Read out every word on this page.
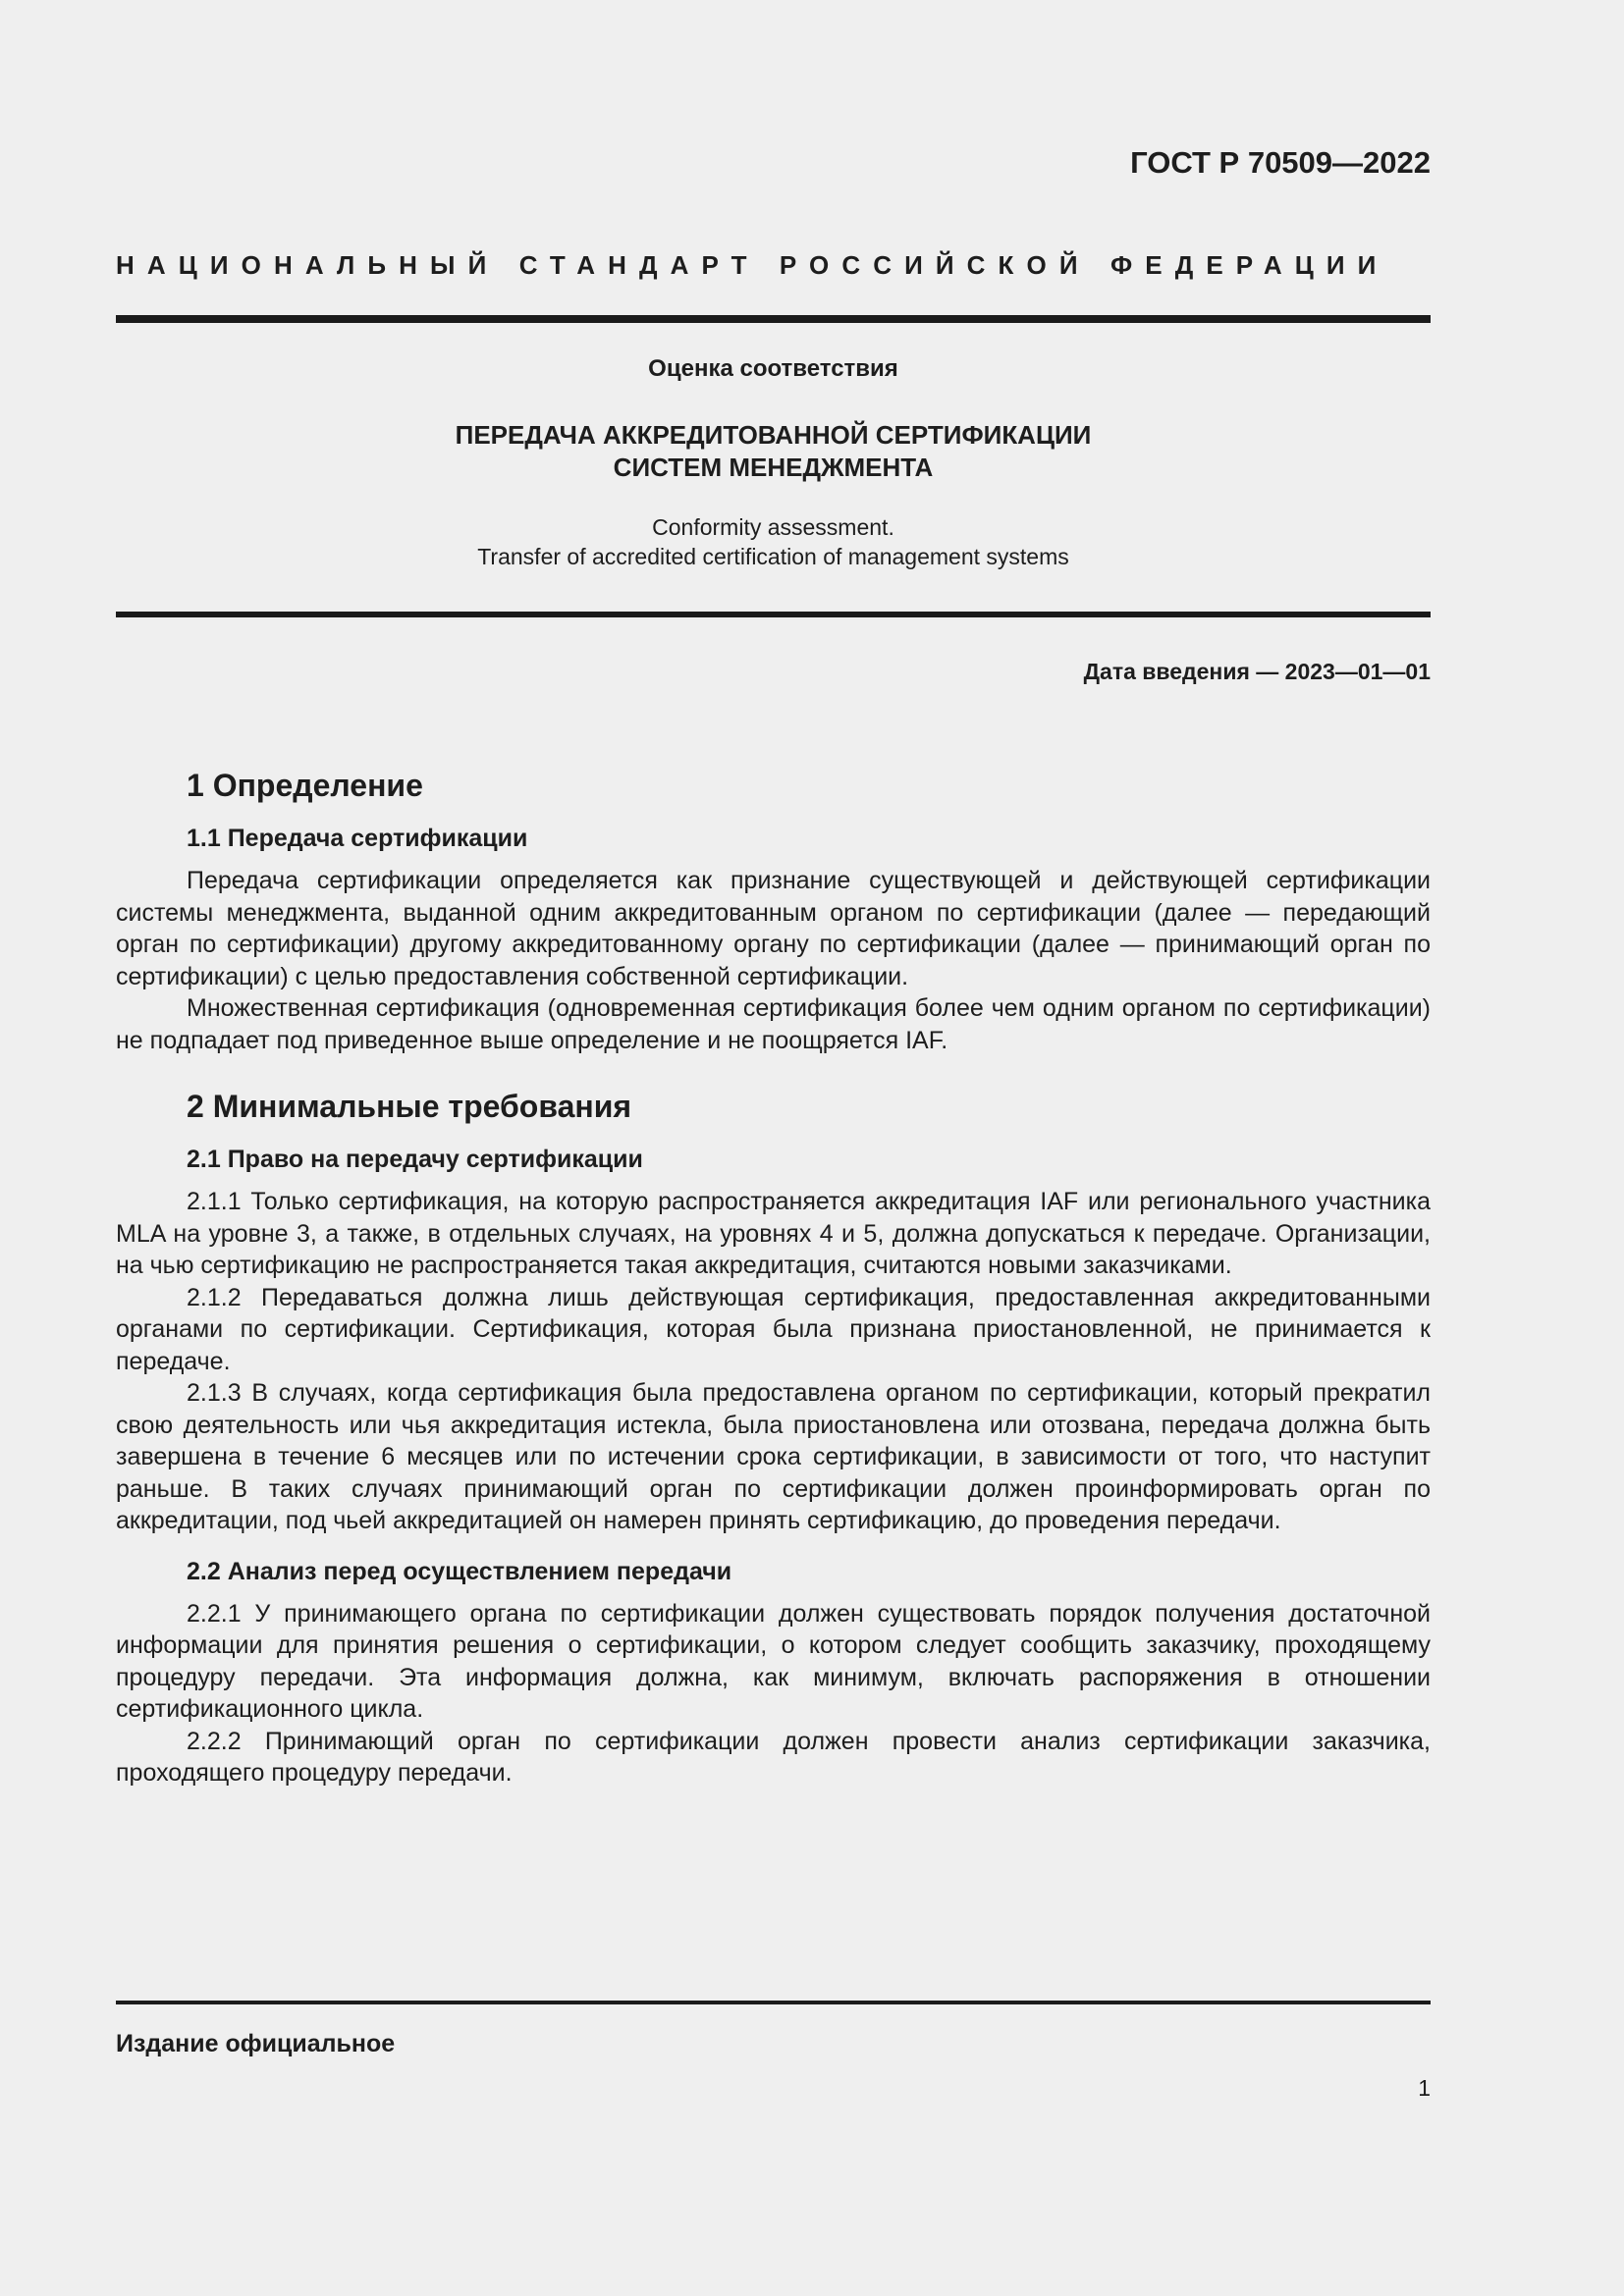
ГОСТ Р 70509—2022
НАЦИОНАЛЬНЫЙ СТАНДАРТ РОССИЙСКОЙ ФЕДЕРАЦИИ
Оценка соответствия
ПЕРЕДАЧА АККРЕДИТОВАННОЙ СЕРТИФИКАЦИИ
СИСТЕМ МЕНЕДЖМЕНТА
Conformity assessment.
Transfer of accredited certification of management systems
Дата введения — 2023—01—01
1 Определение
1.1 Передача сертификации

Передача сертификации определяется как признание существующей и действующей сертификации системы менеджмента, выданной одним аккредитованным органом по сертификации (далее — передающий орган по сертификации) другому аккредитованному органу по сертификации (далее — принимающий орган по сертификации) с целью предоставления собственной сертификации.

Множественная сертификация (одновременная сертификация более чем одним органом по сертификации) не подпадает под приведенное выше определение и не поощряется IAF.

2 Минимальные требования
2.1 Право на передачу сертификации

2.1.1 Только сертификация, на которую распространяется аккредитация IAF или регионального участника MLA на уровне 3, а также, в отдельных случаях, на уровнях 4 и 5, должна допускаться к передаче. Организации, на чью сертификацию не распространяется такая аккредитация, считаются новыми заказчиками.

2.1.2 Передаваться должна лишь действующая сертификация, предоставленная аккредитованными органами по сертификации. Сертификация, которая была признана приостановленной, не принимается к передаче.

2.1.3 В случаях, когда сертификация была предоставлена органом по сертификации, который прекратил свою деятельность или чья аккредитация истекла, была приостановлена или отозвана, передача должна быть завершена в течение 6 месяцев или по истечении срока сертификации, в зависимости от того, что наступит раньше. В таких случаях принимающий орган по сертификации должен проинформировать орган по аккредитации, под чьей аккредитацией он намерен принять сертификацию, до проведения передачи.

2.2 Анализ перед осуществлением передачи

2.2.1 У принимающего органа по сертификации должен существовать порядок получения достаточной информации для принятия решения о сертификации, о котором следует сообщить заказчику, проходящему процедуру передачи. Эта информация должна, как минимум, включать распоряжения в отношении сертификационного цикла.

2.2.2 Принимающий орган по сертификации должен провести анализ сертификации заказчика, проходящего процедуру передачи.

Издание официальное
1
